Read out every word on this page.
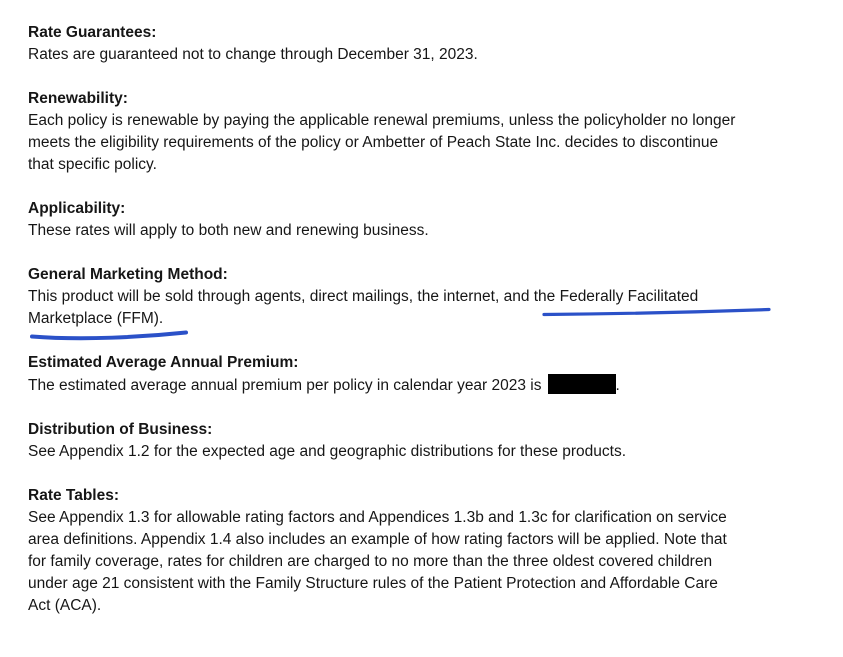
Rate Guarantees:
Rates are guaranteed not to change through December 31, 2023.
Renewability:
Each policy is renewable by paying the applicable renewal premiums, unless the policyholder no longer
meets the eligibility requirements of the policy or Ambetter of Peach State Inc. decides to discontinue
that specific policy.
Applicability:
These rates will apply to both new and renewing business.
General Marketing Method:
This product will be sold through agents, direct mailings, the internet, and the Federally Facilitated
Marketplace (FFM).
Estimated Average Annual Premium:
The estimated average annual premium per policy in calendar year 2023 is	.
Distribution of Business:
See Appendix 1.2 for the expected age and geographic distributions for these products.
Rate Tables:
See Appendix 1.3 for allowable rating factors and Appendices 1.3b and 1.3c for clarification on service
area definitions. Appendix 1.4 also includes an example of how rating factors will be applied. Note that
for family coverage, rates for children are charged to no more than the three oldest covered children
under age 21 consistent with the Family Structure rules of the Patient Protection and Affordable Care
Act (ACA).
